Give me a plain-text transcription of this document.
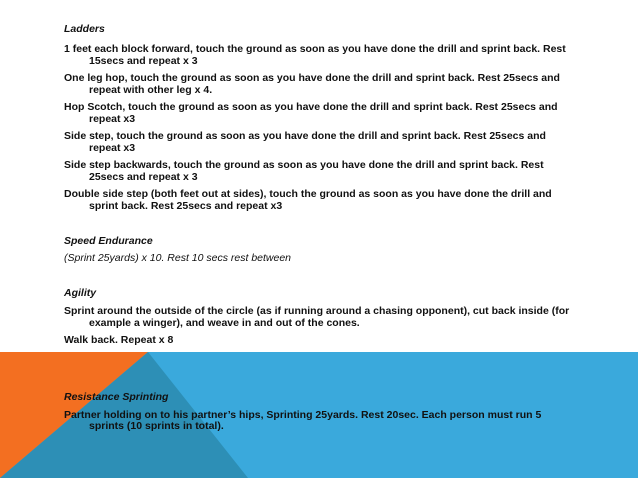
Ladders

1 feet each block forward, touch the ground as soon as you have done the drill and sprint back. Rest 15secs and repeat x 3

One leg hop, touch the ground as soon as you have done the drill and sprint back. Rest 25secs and repeat with other leg x 4.

Hop Scotch, touch the ground as soon as you have done the drill and sprint back. Rest 25secs and repeat x3

Side step, touch the ground as soon as you have done the drill and sprint back. Rest 25secs and repeat x3

Side step backwards, touch the ground as soon as you have done the drill and sprint back. Rest 25secs and repeat x 3

Double side step (both feet out at sides), touch the ground as soon as you have done the drill and sprint back. Rest 25secs and repeat x3

Speed Endurance

(Sprint 25yards) x 10. Rest 10 secs rest between

Agility

Sprint around the outside of the circle (as if running around a chasing opponent), cut back inside (for example a winger), and weave in and out of the cones.

Walk back. Repeat x 8

Resistance Sprinting

Partner holding on to his partner’s hips, Sprinting 25yards. Rest 20sec. Each person must run 5 sprints (10 sprints in total).
